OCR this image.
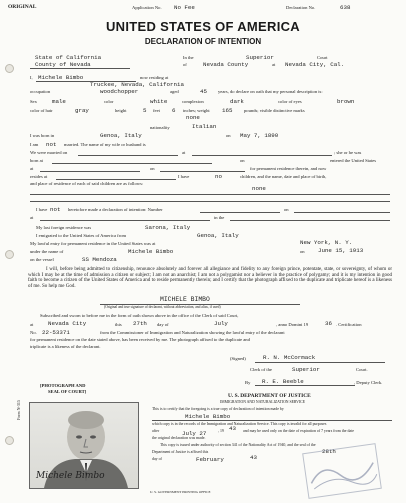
ORIGINAL	Application No. No Fee	Declaration No.	638
UNITED STATES OF AMERICA
DECLARATION OF INTENTION
State of California
County of Nevada
In the	Superior	Court
of	Nevada County	at Nevada City, Cal.
I, Michele Bimbo	now residing at
Truckee, Nevada, California
occupation	woodchopper	aged	45 years, do declare on oath that my personal description is:
Sex	male	color	white	complexion	dark	color of eyes	brown
color of hair	gray	height	5 feet 6 inches; weight 165	pounds; visible distinctive marks
none
nationality	Italian
I was born in	Genoa, Italy	on May 7, 1890
I am not married. The name of my wife or husband is
We were married on	at	; she or he was
born at	on	entered the United States
at	on	for permanent residence therein, and now
resides at	I have	no	children, and the name, date and place of birth,
and place of residence of each of said children are as follows:
none
I have not heretofore made a declaration of intention: Number	on
at	in the
My last foreign residence was	Sarona, Italy
I emigrated to the United States of America from	Genoa, Italy
My lawful entry for permanent residence in the United States was at	New York, N. Y.
under the name of	Michele Bimbo	on June 15, 1913
on the vessel	SS Mendoza
I will, before being admitted to citizenship, renounce absolutely and forever all allegiance and fidelity to any foreign prince, potentate, state, or sovereignty, of whom or which I may be at the time of admission a citizen or subject; I am not an anarchist; I am not a polygamist nor a believer in the practice of polygamy; and it is my intention in good faith to become a citizen of the United States of America and to reside permanently therein; and I certify that the photograph affixed to the duplicate and triplicate hereof is a likeness of me. So help me God.
MICHELE BIMBO
(Original and true signature of declarant, without abbreviation, and alias, if used)
Subscribed and sworn to before me in the form of oath shown above in the office of the Clerk of said Court,
at	Nevada City	this 27th day of	July	, anno Domini 19	36 . Certification
No. 22-53371	from the Commissioner of Immigration and Naturalization showing the lawful entry of the declarant
for permanent residence on the date stated above, has been received by me. The photograph affixed to the duplicate and
triplicate is a likeness of the declarant.
(Signed)	R. N. McCormack
Clerk of the	Superior	Court.
By R. E. Beeble	, Deputy Clerk.
[PHOTOGRAPH AND
SEAL OF COURT]
Form N-315
Michele Bimbo
U. S. DEPARTMENT OF JUSTICE
IMMIGRATION AND NATURALIZATION SERVICE
This is to certify that the foregoing is a true copy of declaration of intention made by
Michele Bimbo
which copy is in the records of the Immigration and Naturalization Service. This copy is invalid for all purposes
after	July 27	, 19 43 and may be used only on the date of expiration of 7 years from the date
the original declaration was made.
This copy is issued under authority of section 341 of the Nationality Act of 1940, and the seal of the
Department of Justice is affixed this	28th
day of	February	43
U. S. GOVERNMENT PRINTING OFFICE
